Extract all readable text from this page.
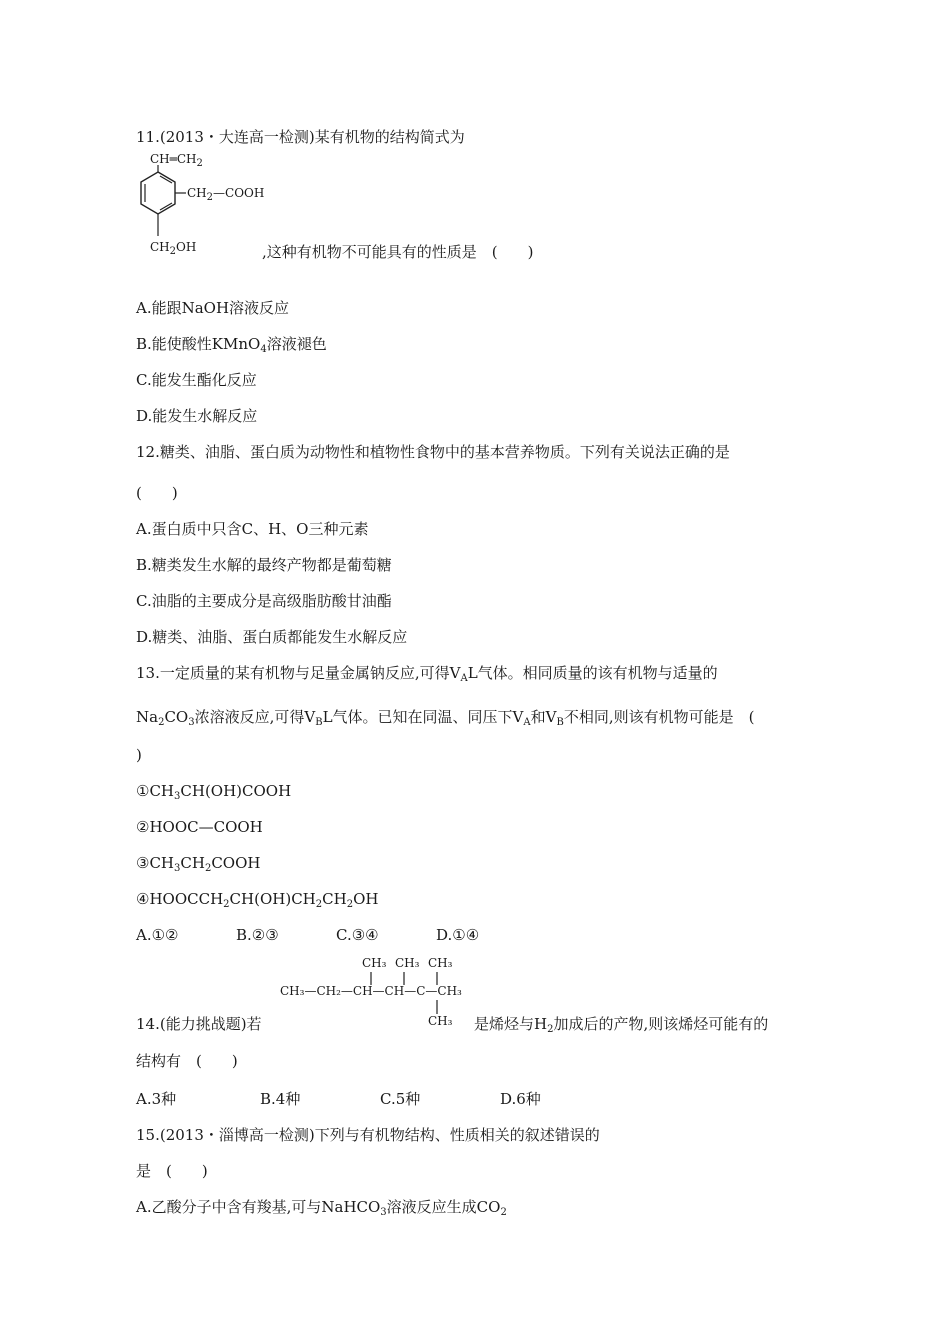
11.(2013・大连高一检测)某有机物的结构简式为
$CH═CH_2$
$CH_2—COOH$
$CH_2OH$	,这种有机物不可能具有的性质是　(　　)
A.能跟NaOH溶液反应
B.能使酸性KMnO$_4$溶液褪色
C.能发生酯化反应
D.能发生水解反应
12.糖类、油脂、蛋白质为动物性和植物性食物中的基本营养物质。下列有关说法正确的是
(　　)
A.蛋白质中只含C、H、O三种元素
B.糖类发生水解的最终产物都是葡萄糖
C.油脂的主要成分是高级脂肪酸甘油酯
D.糖类、油脂、蛋白质都能发生水解反应
13.一定质量的某有机物与足量金属钠反应,可得$V_AL$气体。相同质量的该有机物与适量的
$Na_2CO_3$浓溶液反应,可得$V_BL$气体。已知在同温、同压下$V_A$和$V_B$不相同,则该有机物可能是　(
)
$①CH_3CH(OH)COOH$
②HOOC—COOH
$③CH_3CH_2COOH$
$④HOOCCH_2CH(OH)CH_2CH_2OH$
A.①②	B.②③	C.③④	D.①④
CH₃—CH₂—CH—CH—C—CH₃
CH₃ CH₃ CH₃
CH₃
14.(能力挑战题)若	是烯烃与$H_2$加成后的产物,则该烯烃可能有的
结构有　(　　)
A.3种	B.4种	C.5种	D.6种
15.(2013・淄博高一检测)下列与有机物结构、性质相关的叙述错误的
是　(　　)
A.乙酸分子中含有羧基,可与NaHCO$_3$溶液反应生成$CO_2$
